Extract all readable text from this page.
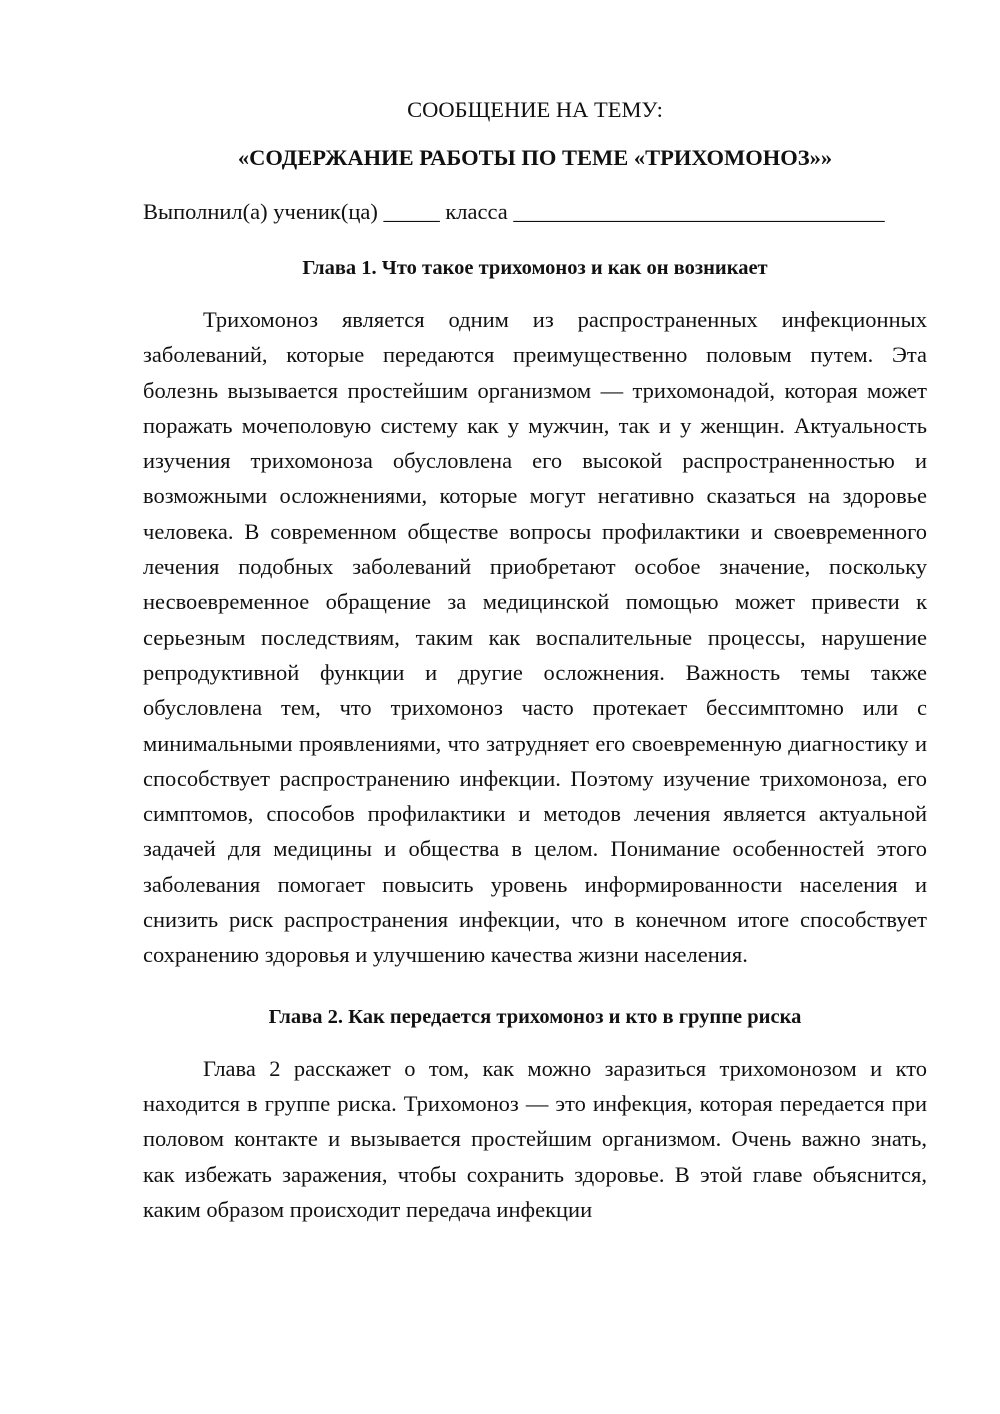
СООБЩЕНИЕ НА ТЕМУ:

«СОДЕРЖАНИЕ РАБОТЫ ПО ТЕМЕ «ТРИХОМОНОЗ»»

Выполнил(а) ученик(ца) _____ класса _________________________________
Глава 1. Что такое трихомоноз и как он возникает

Трихомоноз является одним из распространенных инфекционных заболеваний, которые передаются преимущественно половым путем. Эта болезнь вызывается простейшим организмом — трихомонадой, которая может поражать мочеполовую систему как у мужчин, так и у женщин. Актуальность изучения трихомоноза обусловлена его высокой распространенностью и возможными осложнениями, которые могут негативно сказаться на здоровье человека. В современном обществе вопросы профилактики и своевременного лечения подобных заболеваний приобретают особое значение, поскольку несвоевременное обращение за медицинской помощью может привести к серьезным последствиям, таким как воспалительные процессы, нарушение репродуктивной функции и другие осложнения. Важность темы также обусловлена тем, что трихомоноз часто протекает бессимптомно или с минимальными проявлениями, что затрудняет его своевременную диагностику и способствует распространению инфекции. Поэтому изучение трихомоноза, его симптомов, способов профилактики и методов лечения является актуальной задачей для медицины и общества в целом. Понимание особенностей этого заболевания помогает повысить уровень информированности населения и снизить риск распространения инфекции, что в конечном итоге способствует сохранению здоровья и улучшению качества жизни населения.

Глава 2. Как передается трихомоноз и кто в группе риска

Глава 2 расскажет о том, как можно заразиться трихомонозом и кто находится в группе риска. Трихомоноз — это инфекция, которая передается при половом контакте и вызывается простейшим организмом. Очень важно знать, как избежать заражения, чтобы сохранить здоровье. В этой главе объяснится, каким образом происходит передача инфекции
